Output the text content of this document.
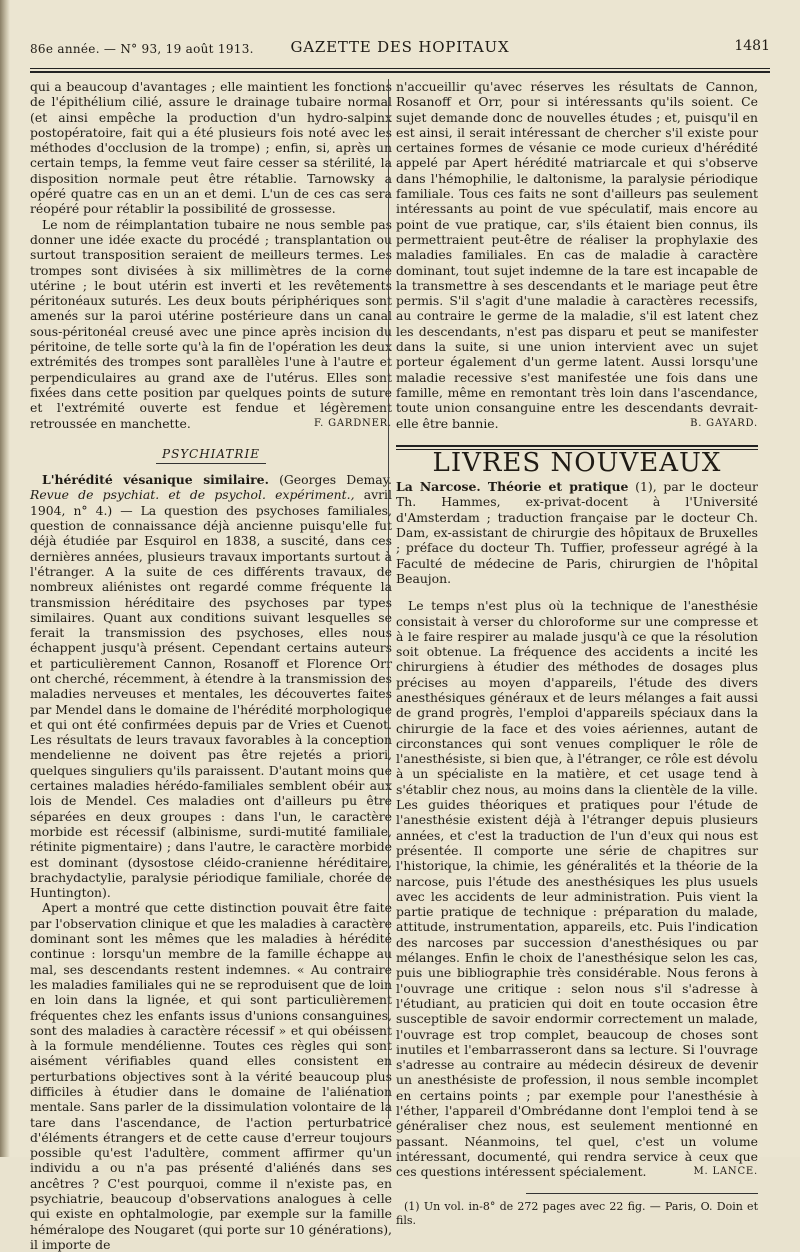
86e année. — N° 93, 19 août 1913.	GAZETTE DES HOPITAUX	1481

qui a beaucoup d'avantages ; elle maintient les fonctions de l'épithélium cilié, assure le drainage tubaire normal (et ainsi empêche la production d'un hydro-salpinx postopératoire, fait qui a été plusieurs fois noté avec les méthodes d'occlusion de la trompe) ; enfin, si, après un certain temps, la femme veut faire cesser sa stérilité, la disposition normale peut être rétablie. Tarnowsky a opéré quatre cas en un an et demi. L'un de ces cas sera réopéré pour rétablir la possibilité de grossesse.

Le nom de réimplantation tubaire ne nous semble pas donner une idée exacte du procédé ; transplantation ou surtout transposition seraient de meilleurs termes. Les trompes sont divisées à six millimètres de la corne utérine ; le bout utérin est inverti et les revêtements péritonéaux suturés. Les deux bouts périphériques sont amenés sur la paroi utérine postérieure dans un canal sous-péritonéal creusé avec une pince après incision du péritoine, de telle sorte qu'à la fin de l'opération les deux extrémités des trompes sont parallèles l'une à l'autre et perpendiculaires au grand axe de l'utérus. Elles sont fixées dans cette position par quelques points de suture et l'extrémité ouverte est fendue et légèrement retroussée en manchette.	F. GARDNER.

PSYCHIATRIE

L'hérédité vésanique similaire. (Georges Demay. Revue de psychiat. et de psychol. expériment., avril 1904, n° 4.) — La question des psychoses familiales, question de connaissance déjà ancienne puisqu'elle fut déjà étudiée par Esquirol en 1838, a suscité, dans ces dernières années, plusieurs travaux importants surtout à l'étranger. A la suite de ces différents travaux, de nombreux aliénistes ont regardé comme fréquente la transmission héréditaire des psychoses par types similaires. Quant aux conditions suivant lesquelles se ferait la transmission des psychoses, elles nous échappent jusqu'à présent. Cependant certains auteurs et particulièrement Cannon, Rosanoff et Florence Orr ont cherché, récemment, à étendre à la transmission des maladies nerveuses et mentales, les découvertes faites par Mendel dans le domaine de l'hérédité morphologique et qui ont été confirmées depuis par de Vries et Cuenot. Les résultats de leurs travaux favorables à la conception mendelienne ne doivent pas être rejetés a priori, quelques singuliers qu'ils paraissent. D'autant moins que certaines maladies hérédo-familiales semblent obéir aux lois de Mendel. Ces maladies ont d'ailleurs pu être séparées en deux groupes : dans l'un, le caractère morbide est récessif (albinisme, surdi-mutité familiale, rétinite pigmentaire) ; dans l'autre, le caractère morbide est dominant (dysostose cléido-cranienne héréditaire, brachydactylie, paralysie périodique familiale, chorée de Huntington).

Apert a montré que cette distinction pouvait être faite par l'observation clinique et que les maladies à caractère dominant sont les mêmes que les maladies à hérédité continue : lorsqu'un membre de la famille échappe au mal, ses descendants restent indemnes. « Au contraire les maladies familiales qui ne se reproduisent que de loin en loin dans la lignée, et qui sont particulièrement fréquentes chez les enfants issus d'unions consanguines, sont des maladies à caractère récessif » et qui obéissent à la formule mendélienne. Toutes ces règles qui sont aisément vérifiables quand elles consistent en perturbations objectives sont à la vérité beaucoup plus difficiles à étudier dans le domaine de l'aliénation mentale. Sans parler de la dissimulation volontaire de la tare dans l'ascendance, de l'action perturbatrice d'éléments étrangers et de cette cause d'erreur toujours possible qu'est l'adultère, comment affirmer qu'un individu a ou n'a pas présenté d'aliénés dans ses ancêtres ? C'est pourquoi, comme il n'existe pas, en psychiatrie, beaucoup d'observations analogues à celle qui existe en ophtalmologie, par exemple sur la famille héméralope des Nougaret (qui porte sur 10 générations), il importe de

n'accueillir qu'avec réserves les résultats de Cannon, Rosanoff et Orr, pour si intéressants qu'ils soient. Ce sujet demande donc de nouvelles études ; et, puisqu'il en est ainsi, il serait intéressant de chercher s'il existe pour certaines formes de vésanie ce mode curieux d'hérédité appelé par Apert hérédité matriarcale et qui s'observe dans l'hémophilie, le daltonisme, la paralysie périodique familiale. Tous ces faits ne sont d'ailleurs pas seulement intéressants au point de vue spéculatif, mais encore au point de vue pratique, car, s'ils étaient bien connus, ils permettraient peut-être de réaliser la prophylaxie des maladies familiales. En cas de maladie à caractère dominant, tout sujet indemne de la tare est incapable de la transmettre à ses descendants et le mariage peut être permis. S'il s'agit d'une maladie à caractères recessifs, au contraire le germe de la maladie, s'il est latent chez les descendants, n'est pas disparu et peut se manifester dans la suite, si une union intervient avec un sujet porteur également d'un germe latent. Aussi lorsqu'une maladie recessive s'est manifestée une fois dans une famille, même en remontant très loin dans l'ascendance, toute union consanguine entre les descendants devrait-elle être bannie.	B. GAYARD.

LIVRES NOUVEAUX

La Narcose. Théorie et pratique (1), par le docteur Th. Hammes, ex-privat-docent à l'Université d'Amsterdam ; traduction française par le docteur Ch. Dam, ex-assistant de chirurgie des hôpitaux de Bruxelles ; préface du docteur Th. Tuffier, professeur agrégé à la Faculté de médecine de Paris, chirurgien de l'hôpital Beaujon.

Le temps n'est plus où la technique de l'anesthésie consistait à verser du chloroforme sur une compresse et à le faire respirer au malade jusqu'à ce que la résolution soit obtenue. La fréquence des accidents a incité les chirurgiens à étudier des méthodes de dosages plus précises au moyen d'appareils, l'étude des divers anesthésiques généraux et de leurs mélanges a fait aussi de grand progrès, l'emploi d'appareils spéciaux dans la chirurgie de la face et des voies aériennes, autant de circonstances qui sont venues compliquer le rôle de l'anesthésiste, si bien que, à l'étranger, ce rôle est dévolu à un spécialiste en la matière, et cet usage tend à s'établir chez nous, au moins dans la clientèle de la ville. Les guides théoriques et pratiques pour l'étude de l'anesthésie existent déjà à l'étranger depuis plusieurs années, et c'est la traduction de l'un d'eux qui nous est présentée. Il comporte une série de chapitres sur l'historique, la chimie, les généralités et la théorie de la narcose, puis l'étude des anesthésiques les plus usuels avec les accidents de leur administration. Puis vient la partie pratique de technique : préparation du malade, attitude, instrumentation, appareils, etc. Puis l'indication des narcoses par succession d'anesthésiques ou par mélanges. Enfin le choix de l'anesthésique selon les cas, puis une bibliographie très considérable. Nous ferons à l'ouvrage une critique : selon nous s'il s'adresse à l'étudiant, au praticien qui doit en toute occasion être susceptible de savoir endormir correctement un malade, l'ouvrage est trop complet, beaucoup de choses sont inutiles et l'embarrasseront dans sa lecture. Si l'ouvrage s'adresse au contraire au médecin désireux de devenir un anesthésiste de profession, il nous semble incomplet en certains points ; par exemple pour l'anesthésie à l'éther, l'appareil d'Ombrédanne dont l'emploi tend à se généraliser chez nous, est seulement mentionné en passant. Néanmoins, tel quel, c'est un volume intéressant, documenté, qui rendra service à ceux que ces questions intéressent spécialement.	M. LANCE.

(1) Un vol. in-8° de 272 pages avec 22 fig. — Paris, O. Doin et fils.
